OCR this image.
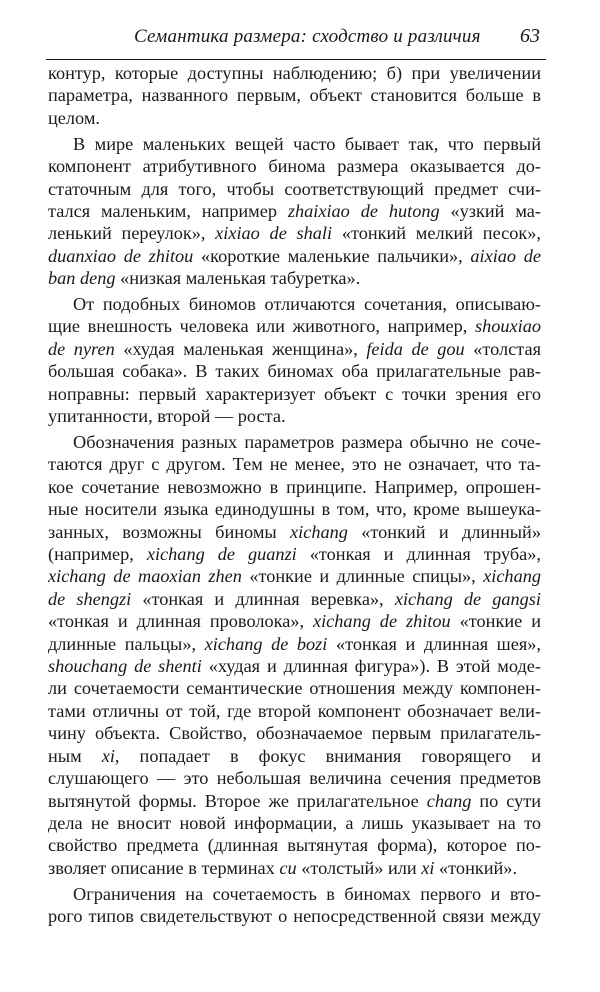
Семантика размера: сходство и различия 63
контур, которые доступны наблюдению; б) при увеличении
параметра, названного первым, объект становится больше в
целом.
В мире маленьких вещей часто бывает так, что первый
компонент атрибутивного бинома размера оказывается до-
статочным для того, чтобы соответствующий предмет счи-
тался маленьким, например zhaixiao de hutong «узкий ма-
ленький переулок», xixiao de shali «тонкий мелкий песок»,
duanxiao de zhitou «короткие маленькие пальчики», aixiao de
ban deng «низкая маленькая табуретка».
От подобных биномов отличаются сочетания, описываю-
щие внешность человека или животного, например, shouxiao
de nyren «худая маленькая женщина», feida de gou «толстая
большая собака». В таких биномах оба прилагательные рав-
ноправны: первый характеризует объект с точки зрения его
упитанности, второй — роста.
Обозначения разных параметров размера обычно не соче-
таются друг с другом. Тем не менее, это не означает, что та-
кое сочетание невозможно в принципе. Например, опрошен-
ные носители языка единодушны в том, что, кроме вышеука-
занных, возможны биномы xichang «тонкий и длинный»
(например, xichang de guanzi «тонкая и длинная труба»,
xichang de maoxian zhen «тонкие и длинные спицы», xichang
de shengzi «тонкая и длинная веревка», xichang de gangsi
«тонкая и длинная проволока», xichang de zhitou «тонкие и
длинные пальцы», xichang de bozi «тонкая и длинная шея»,
shouchang de shenti «худая и длинная фигура»). В этой моде-
ли сочетаемости семантические отношения между компонен-
тами отличны от той, где второй компонент обозначает вели-
чину объекта. Свойство, обозначаемое первым прилагатель-
ным xi, попадает в фокус внимания говорящего и
слушающего — это небольшая величина сечения предметов
вытянутой формы. Второе же прилагательное chang по сути
дела не вносит новой информации, а лишь указывает на то
свойство предмета (длинная вытянутая форма), которое по-
зволяет описание в терминах cu «толстый» или xi «тонкий».
Ограничения на сочетаемость в биномах первого и вто-
рого типов свидетельствуют о непосредственной связи между
